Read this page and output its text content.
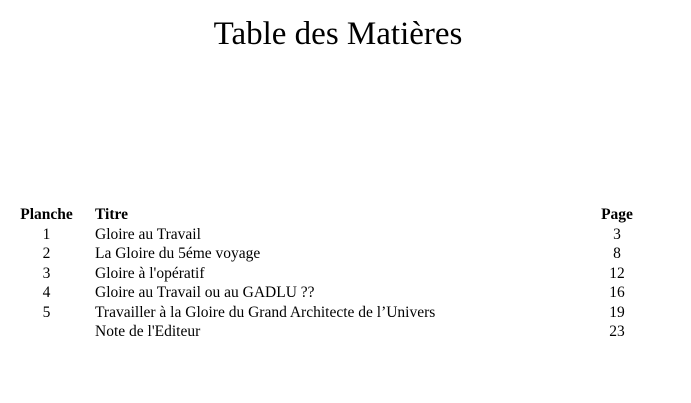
Table des Matières
Planche	Titre	Page
1	Gloire au Travail	3
2	La Gloire du 5éme voyage	8
3	Gloire à l'opératif	12
4	Gloire au Travail ou au GADLU ??	16
5	Travailler à la Gloire du Grand Architecte de l’Univers	19
	Note de l'Editeur	23
